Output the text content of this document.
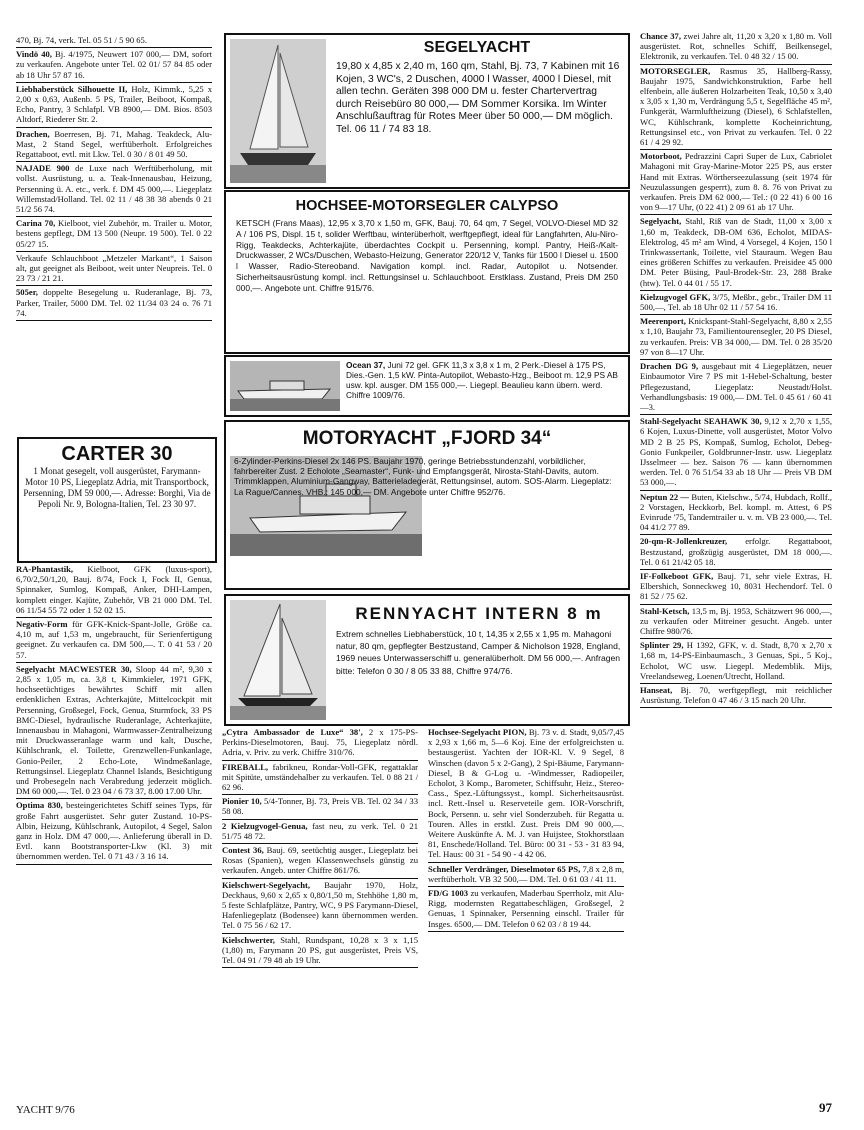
470, Bj. 74, verk. Tel. 05 51 / 5 90 65.
Vindö 40, Bj. 4/1975, Neuwert 107 000,— DM, sofort zu verkaufen. Angebote unter Tel. 02 01/ 57 84 85 oder ab 18 Uhr 57 87 16.
Liebhaberstück Silhouette II, Holz, Kimmk., 5,25 x 2,00 x 0,63, Außenb. 5 PS, Trailer, Beiboot, Kompaß, Echo, Pantry, 3 Schlafpl. VB 8900,— DM. Bios. 8503 Altdorf, Riederer Str. 2.
Drachen, Boerresen, Bj. 71, Mahag. Teakdeck, Alu-Mast, 2 Stand Segel, werftüberholt. Erfolgreiches Regattaboot, evtl. mit Lkw. Tel. 0 30 / 8 01 49 50.
NAJADE 900 de Luxe nach Werftüberholung, mit vollst. Ausrüstung, u. a. Teak-Innenausbau, Heizung, Persenning ü. A. etc., verk. f. DM 45 000,—. Liegeplatz Willemstad/Holland. Tel. 02 11 / 48 38 38 abends 0 21 51/2 56 74.
Carina 70, Kielboot, viel Zubehör, m. Trailer u. Motor, bestens gepflegt, DM 13 500 (Neupr. 19 500). Tel. 0 22 05/27 15.
Verkaufe Schlauchboot „Metzeler Markant“, 1 Saison alt, gut geeignet als Beiboot, weit unter Neupreis. Tel. 0 23 73 / 21 21.
505er, doppelte Besegelung u. Ruderanlage, Bj. 73, Parker, Trailer, 5000 DM. Tel. 02 11/34 03 24 o. 76 71 74.
CARTER 30
1 Monat gesegelt, voll ausgerüstet, Farymann-Motor 10 PS, Liegeplatz Adria, mit Transportbock, Persenning, DM 59 000,—. Adresse: Borghi, Via de Pepoli Nr. 9, Bologna-Italien, Tel. 23 30 97.
RA-Phantastik, Kielboot, GFK (luxus-sport), 6,70/2,50/1,20, Bauj. 8/74, Fock I, Fock II, Genua, Spinnaker, Sumlog, Kompaß, Anker, DHI-Lampen, komplett einger. Kajüte, Zubehör, VB 21 000 DM. Tel. 06 11/54 55 72 oder 1 52 02 15.
Negativ-Form für GFK-Knick-Spant-Jolle, Größe ca. 4,10 m, auf 1,53 m, ungebraucht, für Serienfertigung geeignet. Zu verkaufen ca. DM 500,—. T. 0 41 53 / 20 57.
Segelyacht MACWESTER 30, Sloop 44 m², 9,30 x 2,85 x 1,05 m, ca. 3,8 t, Kimmkieler, 1971 GFK, hochseetüchtiges bewährtes Schiff mit allen erdenklichen Extras, Achterkajüte, Mittelcockpit mit Persenning, Großsegel, Fock, Genua, Sturmfock, 33 PS BMC-Diesel, hydraulische Ruderanlage, Achterkajüte, Innenausbau in Mahagoni, Warmwasser-Zentralheizung mit Druckwasseranlage warm und kalt, Dusche, Kühlschrank, el. Toilette, Grenzwellen-Funkanlage, Gonio-Peiler, 2 Echo-Lote, Windmeßanlage, Rettungsinsel. Liegeplatz Channel Islands, Besichtigung und Probesegeln nach Verabredung jederzeit möglich. DM 60 000,—. Tel. 0 23 04 / 6 73 37, 8.00 17.00 Uhr.
Optima 830, besteingerichtetes Schiff seines Typs, für große Fahrt ausgerüstet. Sehr guter Zustand. 10-PS-Albin, Heizung, Kühlschrank, Autopilot, 4 Segel, Salon ganz in Holz. DM 47 000,—. Anlieferung überall in D. Evtl. kann Bootstransporter-Lkw (Kl. 3) mit übernommen werden. Tel. 0 71 43 / 3 16 14.
SEGELYACHT
19,80 x 4,85 x 2,40 m, 160 qm, Stahl, Bj. 73, 7 Kabinen mit 16 Kojen, 3 WC's, 2 Duschen, 4000 l Wasser, 4000 l Diesel, mit allen techn. Geräten 398 000 DM u. fester Chartervertrag durch Reisebüro 80 000,— DM Sommer Korsika. Im Winter Anschlußauftrag für Rotes Meer über 50 000,— DM möglich. Tel. 06 11 / 74 83 18.
HOCHSEE-MOTORSEGLER CALYPSO
KETSCH (Frans Maas), 12,95 x 3,70 x 1,50 m, GFK, Bauj. 70, 64 qm, 7 Segel, VOLVO-Diesel MD 32 A / 106 PS, Displ. 15 t, solider Werftbau, winterüberholt, werftgepflegt, ideal für Langfahrten, Alu-Niro-Rigg, Teakdecks, Achterkajüte, überdachtes Cockpit u. Persenning, kompl. Pantry, Heiß-/Kalt-Druckwasser, 2 WCs/Duschen, Webasto-Heizung, Generator 220/12 V, Tanks für 1500 l Diesel u. 1500 l Wasser, Radio-Stereoband. Navigation kompl. incl. Radar, Autopilot u. Notsender. Sicherheitsausrüstung kompl. incl. Rettungsinsel u. Schlauchboot. Erstklass. Zustand, Preis DM 250 000,—. Angebote unt. Chiffre 915/76.
Ocean 37, Juni 72 gel. GFK 11,3 x 3,8 x 1 m, 2 Perk.-Diesel à 175 PS, Dies.-Gen. 1,5 kW. Pinta-Autopilot, Webasto-Hzg., Beiboot m. 12,9 PS AB usw. kpl. ausger. DM 155 000,—. Liegepl. Beaulieu kann übern. werd. Chiffre 1009/76.
MOTORYACHT „FJORD 34“
6-Zylinder-Perkins-Diesel 2x 146 PS. Baujahr 1970, geringe Betriebsstundenzahl, vorbildlicher, fahrbereiter Zust. 2 Echolote „Seamaster“, Funk- und Empfangsgerät, Nirosta-Stahl-Davits, autom. Trimmklappen, Aluminium-Gangway, Batterieladegerät, Rettungsinsel, autom. SOS-Alarm. Liegeplatz: La Rague/Cannes. VHB.: 145 000,— DM. Angebote unter Chiffre 952/76.
RENNYACHT INTERN 8 m
Extrem schnelles Liebhaberstück, 10 t, 14,35 x 2,55 x 1,95 m. Mahagoni natur, 80 qm, gepflegter Bestzustand, Camper & Nicholson 1928, England, 1969 neues Unterwasserschiff u. generalüberholt. DM 56 000,—. Anfragen bitte: Telefon 0 30 / 8 05 33 88, Chiffre 974/76.
„Cytra Ambassador de Luxe“ 38', 2 x 175-PS-Perkins-Dieselmotoren, Bauj. 75, Liegeplatz nördl. Adria, v. Priv. zu verk. Chiffre 310/76.
FIREBALL, fabrikneu, Rondar-Voll-GFK, regattaklar mit Spitüte, umständehalber zu verkaufen. Tel. 0 88 21 / 62 96.
Pionier 10, 5/4-Tonner, Bj. 73, Preis VB. Tel. 02 34 / 33 58 08.
2 Kielzugvogel-Genua, fast neu, zu verk. Tel. 0 21 51/75 48 72.
Contest 36, Bauj. 69, seetüchtig ausger., Liegeplatz bei Rosas (Spanien), wegen Klassenwechsels günstig zu verkaufen. Angeb. unter Chiffre 861/76.
Kielschwert-Segelyacht, Baujahr 1970, Holz, Deckhaus, 9,60 x 2,65 x 0,80/1,50 m, Stehhöhe 1,80 m, 5 feste Schlafplätze, Pantry, WC, 9 PS Farymann-Diesel, Hafenliegeplatz (Bodensee) kann übernommen werden. Tel. 0 75 56 / 62 17.
Kielschwerter, Stahl, Rundspant, 10,28 x 3 x 1,15 (1,80) m, Farymann 20 PS, gut ausgerüstet, Preis VS, Tel. 04 91 / 79 48 ab 19 Uhr.
Hochsee-Segelyacht PION, Bj. 73 v. d. Stadt, 9,05/7,45 x 2,93 x 1,66 m, 5—6 Koj. Eine der erfolgreichsten u. bestausgerüst. Yachten der IOR-Kl. V. 9 Segel, 8 Winschen (davon 5 x 2-Gang), 2 Spi-Bäume, Farymann-Diesel, B & G-Log u. -Windmesser, Radiopeiler, Echolot, 3 Komp., Barometer, Schiffsuhr, Heiz., Stereo-Cass., Spez.-Lüftungssyst., kompl. Sicherheitsausrüst. incl. Rett.-Insel u. Reserveteile gem. IOR-Vorschrift, Bock, Persenn. u. sehr viel Sonderzubeh. für Regatta u. Touren. Alles in erstkl. Zust. Preis DM 90 000,—. Weitere Auskünfte A. M. J. van Huijstee, Stokhorstlaan 81, Enschede/Holland. Tel. Büro: 00 31 - 53 - 31 83 94, Tel. Haus: 00 31 - 54 90 - 4 42 06.
Schneller Verdränger, Dieselmotor 65 PS, 7,8 x 2,8 m, werftüberholt. VB 32 500,— DM. Tel. 0 61 03 / 41 11.
FD/G 1003 zu verkaufen, Maderbau Sperrholz, mit Alu-Rigg, modernsten Regattabeschlägen, Großsegel, 2 Genuas, 1 Spinnaker, Persenning einschl. Trailer für Insges. 6500,— DM. Telefon 0 62 03 / 8 19 44.
Chance 37, zwei Jahre alt, 11,20 x 3,20 x 1,80 m. Voll ausgerüstet. Rot, schnelles Schiff, Beilkensegel, Elektronik, zu verkaufen. Tel. 0 48 32 / 15 00.
MOTORSEGLER, Rasmus 35, Hallberg-Rassy, Baujahr 1975, Sandwichkonstruktion, Farbe hell elfenbein, alle äußeren Holzarbeiten Teak, 10,50 x 3,40 x 3,05 x 1,30 m, Verdrängung 5,5 t, Segelfläche 45 m², Funkgerät, Warmluftheizung (Diesel), 6 Schlafstellen, WC, Kühlschrank, komplette Kocheinrichtung, Rettungsinsel etc., von Privat zu verkaufen. Tel. 0 22 61 / 4 29 92.
Motorboot, Pedrazzini Capri Super de Lux, Cabriolet Mahagoni mit Gray-Marine-Motor 225 PS, aus erster Hand mit Extras. Wörtherseezulassung (seit 1974 für Neuzulassungen gesperrt), zum 8. 8. 76 von Privat zu verkaufen. Preis DM 62 000,— Tel.: (0 22 41) 6 00 16 von 9—17 Uhr, (0 22 41) 2 09 61 ab 17 Uhr.
Segelyacht, Stahl, Riß van de Stadt, 11,00 x 3,00 x 1,60 m, Teakdeck, DB-OM 636, Echolot, MIDAS-Elektrolog, 45 m² am Wind, 4 Vorsegel, 4 Kojen, 150 l Trinkwassertank, Toilette, viel Stauraum. Wegen Bau eines größeren Schiffes zu verkaufen. Preisidee 45 000 DM. Peter Büsing, Paul-Brodek-Str. 23, 288 Brake (htw). Tel. 0 44 01 / 55 17.
Kielzugvogel GFK, 3/75, Meßbr., gebr., Trailer DM 11 500,—, Tel. ab 18 Uhr 02 11 / 57 54 16.
Meerenport, Knickspant-Stahl-Segelyacht, 8,80 x 2,55 x 1,10, Baujahr 73, Familientourensegler, 20 PS Diesel, zu verkaufen. Preis: VB 34 000,— DM. Tel. 0 28 35/20 97 von 8—17 Uhr.
Drachen DG 9, ausgebaut mit 4 Liegeplätzen, neuer Einbaumotor Vire 7 PS mit 1-Hebel-Schaltung, bester Pflegezustand, Liegeplatz: Neustadt/Holst. Verhandlungsbasis: 19 000,— DM. Tel. 0 45 61 / 60 41—3.
Stahl-Segelyacht SEAHAWK 30, 9,12 x 2,70 x 1,55, 6 Kojen, Luxus-Dinette, voll ausgerüstet, Motor Volvo MD 2 B 25 PS, Kompaß, Sumlog, Echolot, Debeg-Gonio Funkpeiler, Goldbrunner-Instr. usw. Liegeplatz IJsselmeer — bez. Saison 76 — kann übernommen werden. Tel. 0 76 51/54 33 ab 18 Uhr — Preis VB DM 53 000,—.
Neptun 22 — Buten, Kielschw., 5/74, Hubdach, Rollf., 2 Vorstagen, Heckkorb, Bel. kompl. m. Attest, 6 PS Evinrude '75, Tandemtrailer u. v. m. VB 23 000,—. Tel. 04 41/2 77 89.
20-qm-R-Jollenkreuzer, erfolgr. Regattaboot, Bestzustand, großzügig ausgerüstet, DM 18 000,—. Tel. 0 61 21/42 05 18.
IF-Folkeboot GFK, Bauj. 71, sehr viele Extras, H. Elbershich, Sonneckweg 10, 8031 Hechendorf. Tel. 0 81 52 / 75 62.
Stahl-Ketsch, 13,5 m, Bj. 1953, Schätzwert 96 000,—, zu verkaufen oder Mitreiner gesucht. Angeb. unter Chiffre 980/76.
Splinter 29, H 1392, GFK, v. d. Stadt, 8,70 x 2,70 x 1,68 m, 14-PS-Einbaumasch., 3 Genuas, Spi., 5 Koj., Echolot, WC usw. Liegepl. Medemblik. Mijs, Vreelandseweg, Loenen/Utrecht, Holland.
Hanseat, Bj. 70, werftgepflegt, mit reichlicher Ausrüstung. Telefon 0 47 46 / 3 15 nach 20 Uhr.
YACHT 9/76	97
